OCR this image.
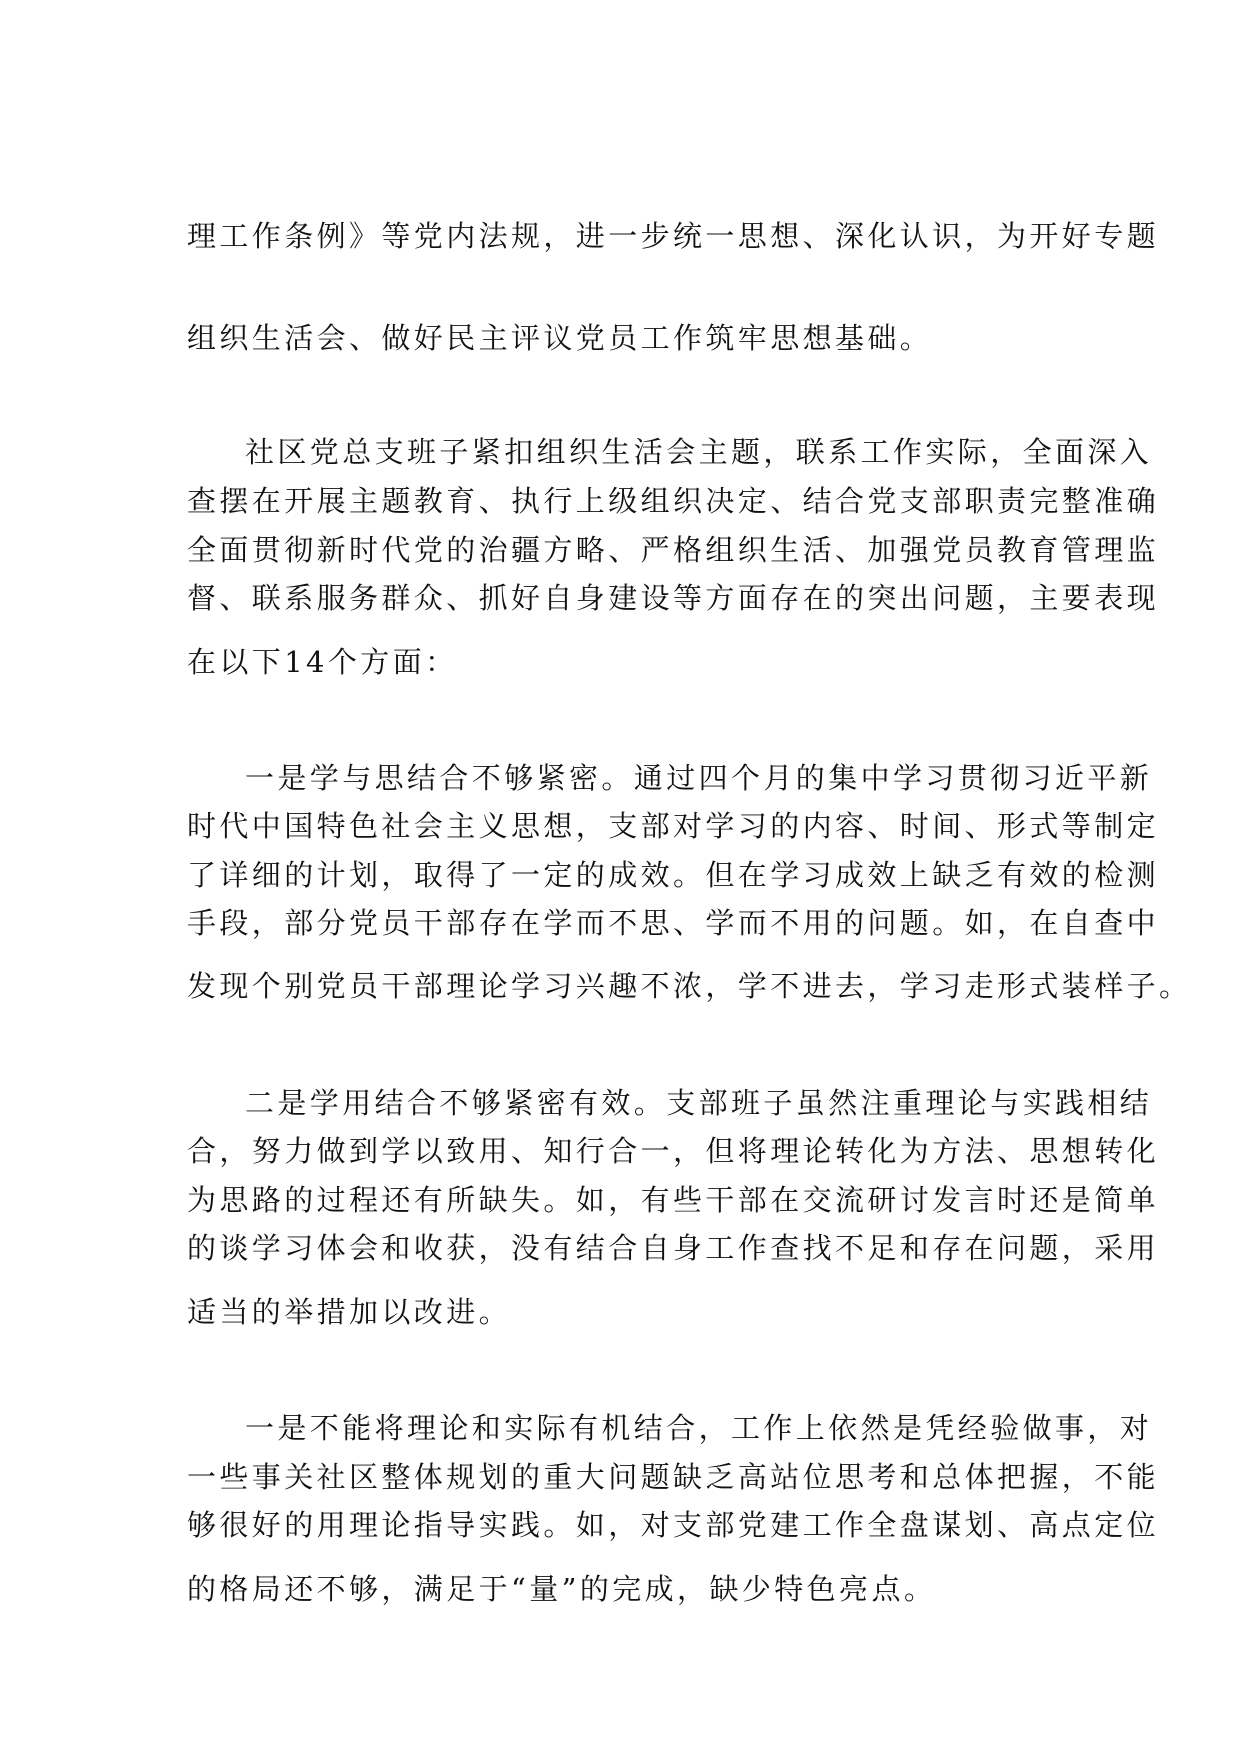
理工作条例》等党内法规，进一步统一思想、深化认识，为开好专题
组织生活会、做好民主评议党员工作筑牢思想基础。
社区党总支班子紧扣组织生活会主题，联系工作实际，全面深入
查摆在开展主题教育、执行上级组织决定、结合党支部职责完整准确
全面贯彻新时代党的治疆方略、严格组织生活、加强党员教育管理监
督、联系服务群众、抓好自身建设等方面存在的突出问题，主要表现
在以下14个方面：
一是学与思结合不够紧密。通过四个月的集中学习贯彻习近平新
时代中国特色社会主义思想，支部对学习的内容、时间、形式等制定
了详细的计划，取得了一定的成效。但在学习成效上缺乏有效的检测
手段，部分党员干部存在学而不思、学而不用的问题。如，在自查中
发现个别党员干部理论学习兴趣不浓，学不进去，学习走形式装样子。
二是学用结合不够紧密有效。支部班子虽然注重理论与实践相结
合，努力做到学以致用、知行合一，但将理论转化为方法、思想转化
为思路的过程还有所缺失。如，有些干部在交流研讨发言时还是简单
的谈学习体会和收获，没有结合自身工作查找不足和存在问题，采用
适当的举措加以改进。
一是不能将理论和实际有机结合，工作上依然是凭经验做事，对
一些事关社区整体规划的重大问题缺乏高站位思考和总体把握，不能
够很好的用理论指导实践。如，对支部党建工作全盘谋划、高点定位
的格局还不够，满足于“量”的完成，缺少特色亮点。
